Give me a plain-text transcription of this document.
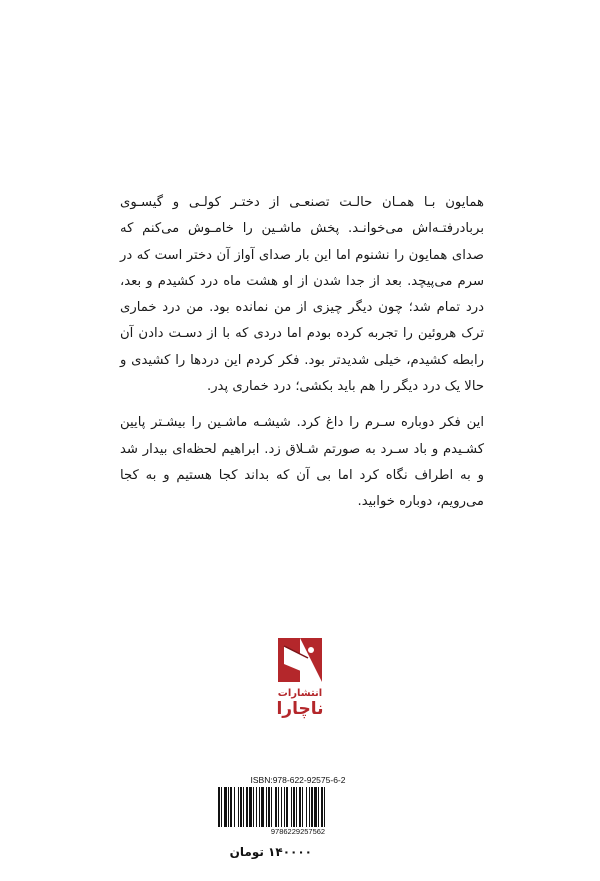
همایون بـا همـان حالـت تصنعـی از دختـر کولـی و گیسـوی بربادرفتـه‌اش می‌خوانـد. پخش ماشـین را خامـوش می‌کنم که صدای همایون را نشنوم اما این بار صدای آواز آن دختر است که در سرم می‌پیچد. بعد از جدا شدن از او هشت ماه درد کشیدم و بعد، درد تمام شد؛ چون دیگر چیزی از من نمانده بود. من درد خماری ترک هروئین را تجربه کرده بودم اما دردی که با از دسـت دادن آن رابطه کشیدم، خیلی شدیدتر بود. فکر کردم این دردها را کشیدی و حالا یک درد دیگر را هم باید بکشی؛ درد خماری پدر.

این فکر دوباره سـرم را داغ کرد. شیشـه ماشـین را بیشـتر پایین کشـیدم و باد سـرد به صورتم شـلاق زد. ابراهیم لحظه‌ای بیدار شد و به اطراف نگاه کرد اما بی آن که بداند کجا هستیم و به کجا می‌رویم، دوباره خوابید.

انتشارات
ناچارا
ISBN:978-622-92575-6-2
9786229257562
۱۴۰۰۰۰ تومان
